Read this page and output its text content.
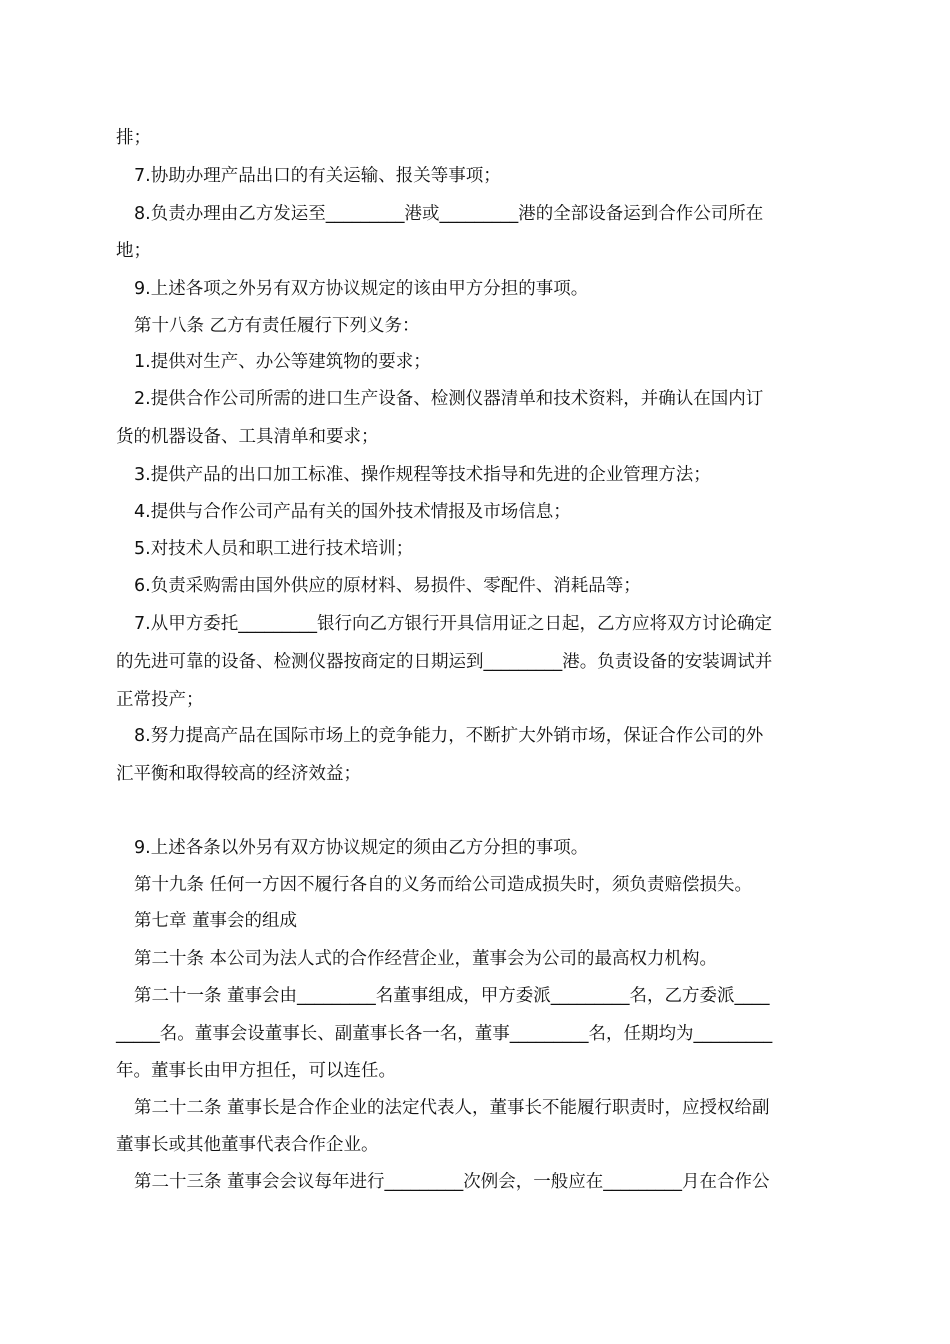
排；
7.协助办理产品出口的有关运输、报关等事项；
8.负责办理由乙方发运至_________港或_________港的全部设备运到合作公司所在
地；
9.上述各项之外另有双方协议规定的该由甲方分担的事项。
第十八条 乙方有责任履行下列义务：
1.提供对生产、办公等建筑物的要求；
2.提供合作公司所需的进口生产设备、检测仪器清单和技术资料，并确认在国内订
货的机器设备、工具清单和要求；
3.提供产品的出口加工标准、操作规程等技术指导和先进的企业管理方法；
4.提供与合作公司产品有关的国外技术情报及市场信息；
5.对技术人员和职工进行技术培训；
6.负责采购需由国外供应的原材料、易损件、零配件、消耗品等；
7.从甲方委托_________银行向乙方银行开具信用证之日起，乙方应将双方讨论确定
的先进可靠的设备、检测仪器按商定的日期运到_________港。负责设备的安装调试并
正常投产；
8.努力提高产品在国际市场上的竞争能力，不断扩大外销市场，保证合作公司的外
汇平衡和取得较高的经济效益；
9.上述各条以外另有双方协议规定的须由乙方分担的事项。
第十九条 任何一方因不履行各自的义务而给公司造成损失时，须负责赔偿损失。
第七章 董事会的组成
第二十条 本公司为法人式的合作经营企业，董事会为公司的最高权力机构。
第二十一条 董事会由_________名董事组成，甲方委派_________名，乙方委派____
_____名。董事会设董事长、副董事长各一名，董事_________名，任期均为_________
年。董事长由甲方担任，可以连任。
第二十二条 董事长是合作企业的法定代表人，董事长不能履行职责时，应授权给副
董事长或其他董事代表合作企业。
第二十三条 董事会会议每年进行_________次例会，一般应在_________月在合作公
